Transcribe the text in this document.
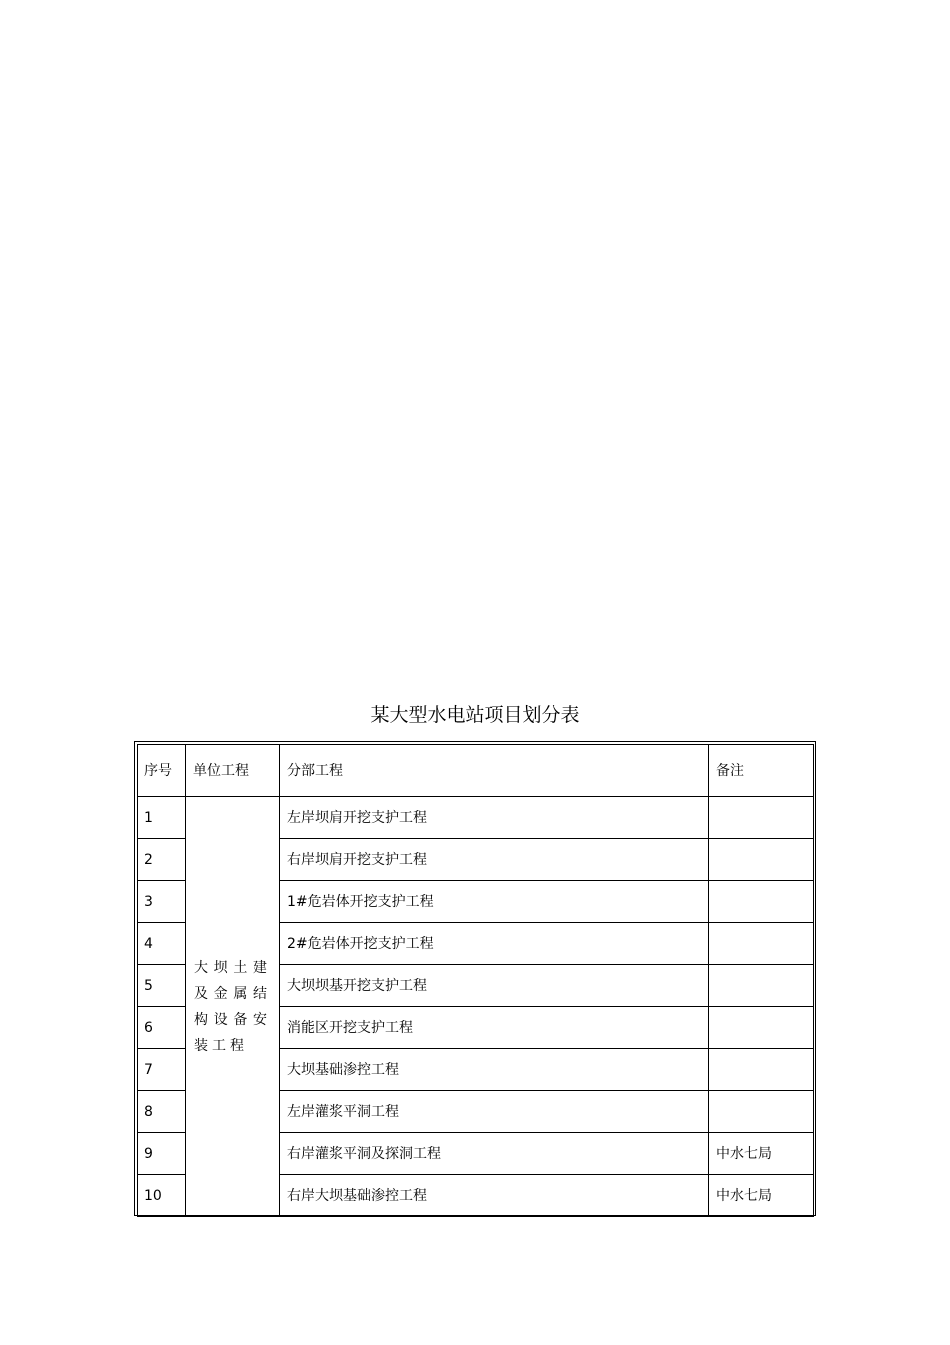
某大型水电站项目划分表
序号	单位工程	分部工程	备注
1	大坝土建及金属结构设备安装工程	左岸坝肩开挖支护工程	
2		右岸坝肩开挖支护工程	
3		1#危岩体开挖支护工程	
4		2#危岩体开挖支护工程	
5		大坝坝基开挖支护工程	
6		消能区开挖支护工程	
7		大坝基础渗控工程	
8		左岸灌浆平洞工程	
9		右岸灌浆平洞及探洞工程	中水七局
10		右岸大坝基础渗控工程	中水七局
